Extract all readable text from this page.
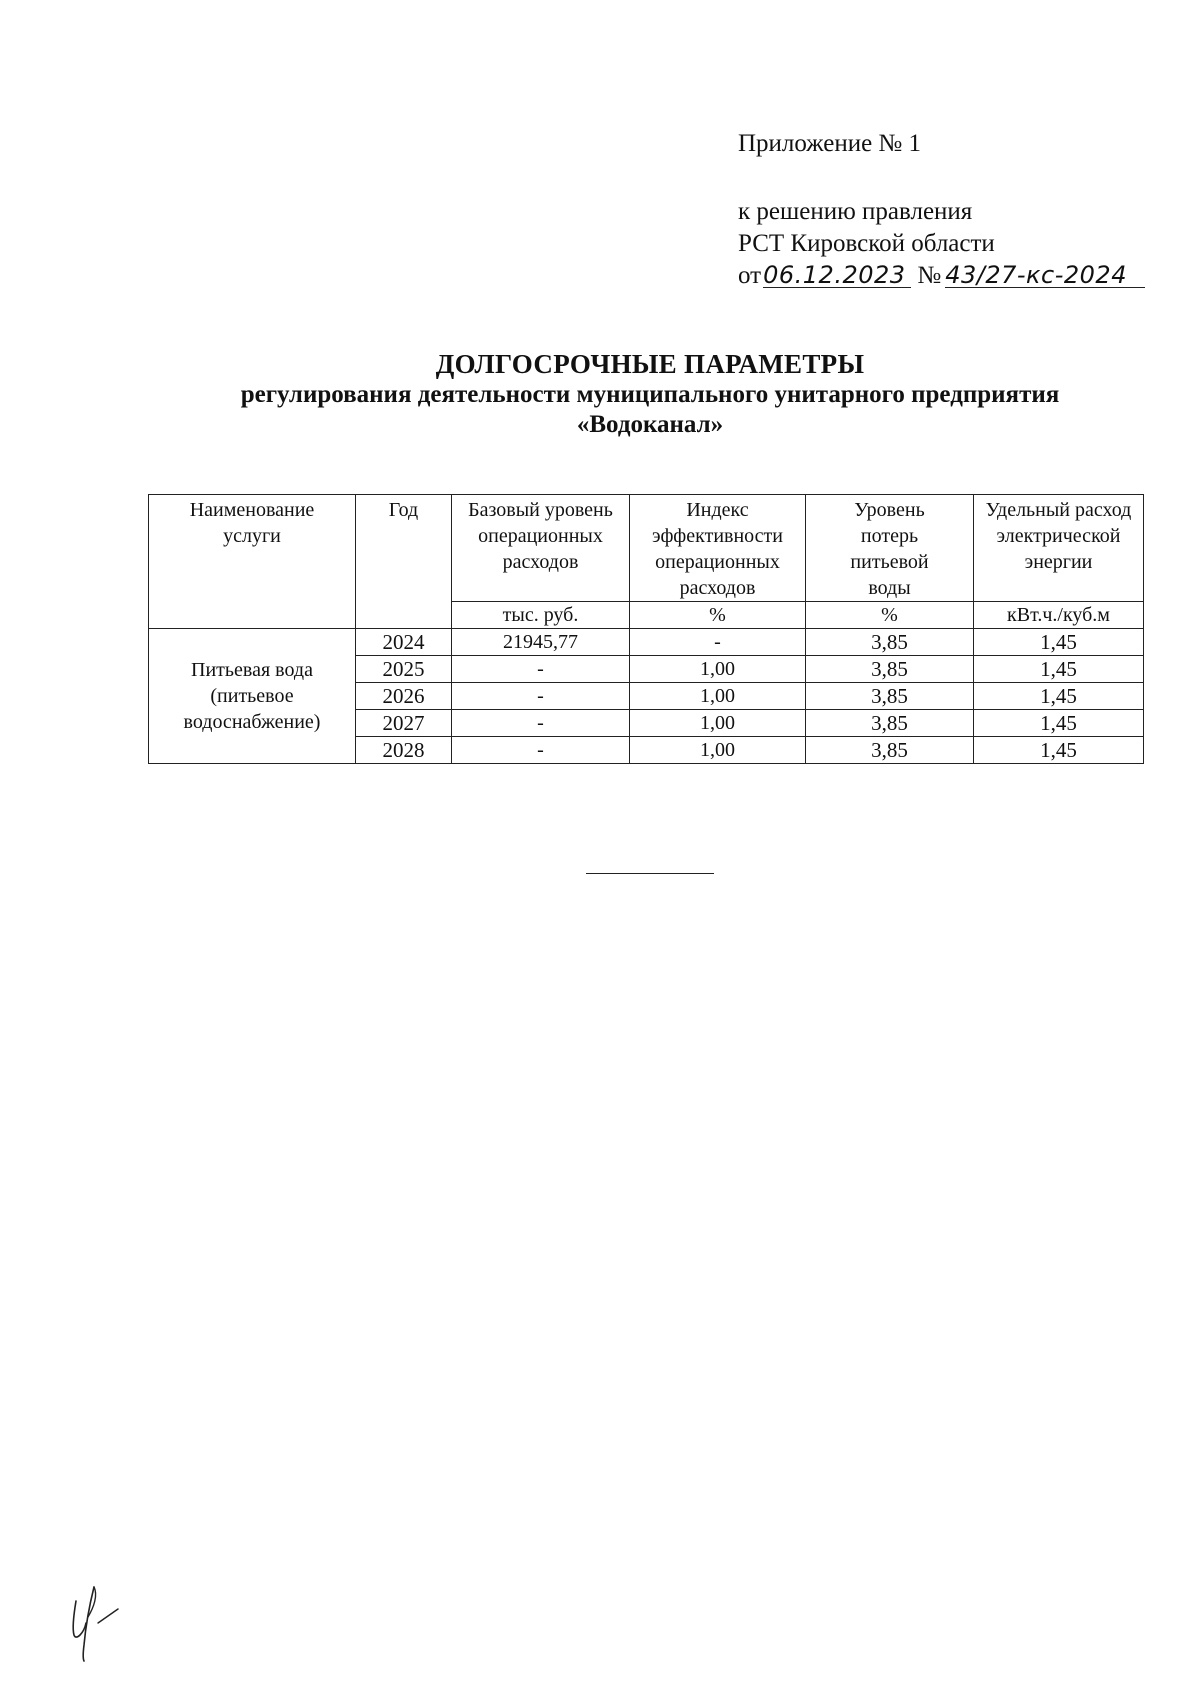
Приложение № 1
к решению правления
РСТ Кировской области
от06.12.2023 № 43/27-кс-2024
ДОЛГОСРОЧНЫЕ ПАРАМЕТРЫ
регулирования деятельности муниципального унитарного предприятия
«Водоканал»
Наименование услуги	Год	Базовый уровень операционных расходов	Индекс эффективности операционных расходов	Уровень потерь питьевой воды	Удельный расход электрической энергии
		тыс. руб.	%	%	кВт.ч./куб.м
Питьевая вода (питьевое водоснабжение)	2024	21945,77	-	3,85	1,45
	2025	-	1,00	3,85	1,45
	2026	-	1,00	3,85	1,45
	2027	-	1,00	3,85	1,45
	2028	-	1,00	3,85	1,45
